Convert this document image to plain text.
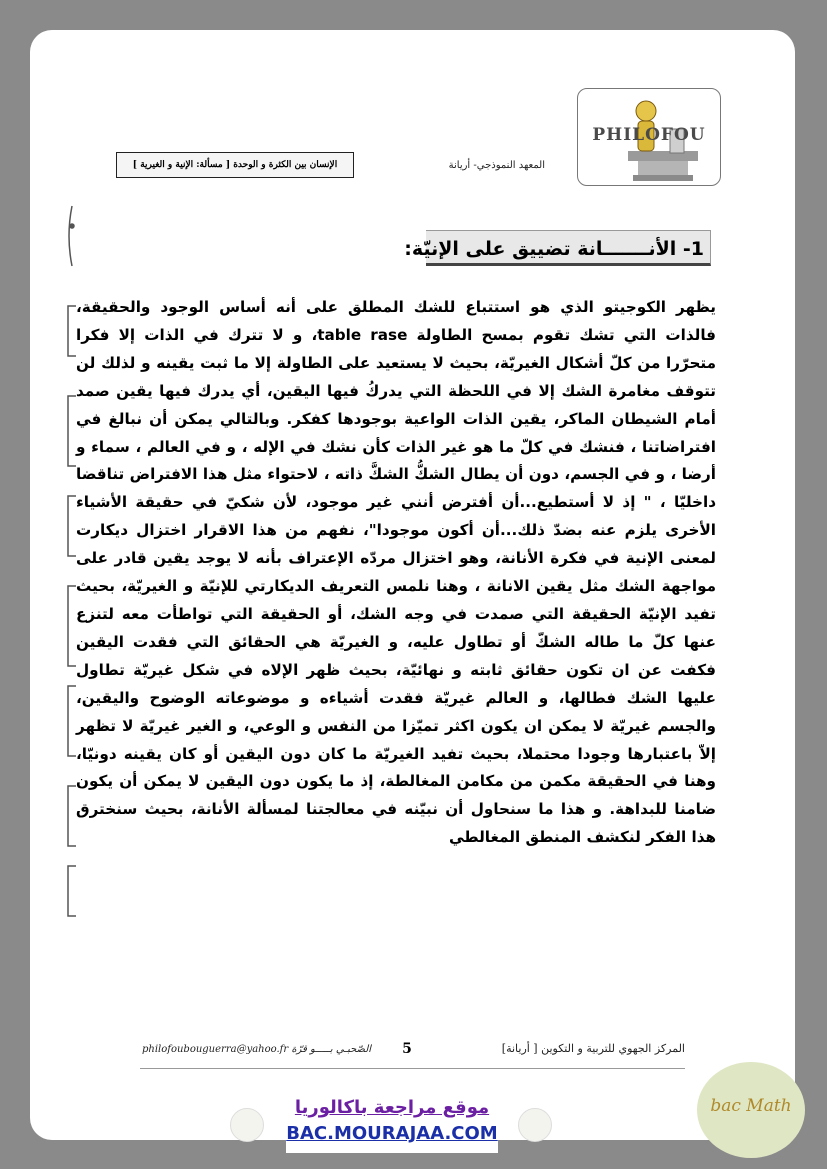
PHILOFOU
المعهد النموذجي- أريانة
الإنسان بين الكثرة و الوحدة [ مسألة: الإنية و الغيرية ]
1- الأنـــــــانة تضييق على الإنيّة:
يظهر الكوجيتو الذي هو استتباع للشك المطلق على أنه أساس الوجود والحقيقة، فالذات التي تشك تقوم بمسح الطاولة table rase، و لا تترك في الذات إلا فكرا متحرّرا من كلّ أشكال الغيريّة، بحيث لا يستعيد على الطاولة إلا ما ثبت يقينه و لذلك لن تتوقف مغامرة الشك إلا في اللحظة التي يدركُ فيها اليقين، أي يدرك فيها يقين صمد أمام الشيطان الماكر، يقين الذات الواعية بوجودها كفكر. وبالتالي يمكن أن نبالغ في افتراضاتنا ، فنشك في كلّ ما هو غير الذات كأن نشك في الإله ، و في العالم ، سماء و أرضا ، و في الجسم، دون أن يطال الشكُّ الشكَّ ذاته ، لاحتواء مثل هذا الافتراض تناقضا داخليّا ، " إذ لا أستطيع...أن أفترض أنني غير موجود، لأن شكيّ في حقيقة الأشياء الأخرى يلزم عنه بضدّ ذلك...أن أكون موجودا"، نفهم من هذا الاقرار اختزال ديكارت لمعنى الإنية في فكرة الأنانة، وهو اختزال مردّه الإعتراف بأنه لا يوجد يقين قادر على مواجهة الشك مثل يقين الانانة ، وهنا نلمس التعريف الديكارتي للإنيّة و الغيريّة، بحيث تفيد الإنيّة الحقيقة التي صمدت في وجه الشك، أو الحقيقة التي تواطأت معه لتنزع عنها كلّ ما طاله الشكّ أو تطاول عليه، و الغيريّة هي الحقائق التي فقدت اليقين فكفت عن ان تكون حقائق ثابته و نهائيّة، بحيث ظهر الإلاه في شكل غيريّة تطاول عليها الشك فطالها، و العالم غيريّة فقدت أشياءه و موضوعاته الوضوح واليقين، والجسم غيريّة لا يمكن ان يكون اكثر تميّزا من النفس و الوعي، و الغير غيريّة لا تظهر إلاّ باعتبارها وجودا محتملا، بحيث تفيد الغيريّة ما كان دون اليقين أو كان يقينه دونيّا، وهنا في الحقيقة مكمن من مكامن المغالطة، إذ ما يكون دون اليقين لا يمكن أن يكون ضامنا للبداهة. و هذا ما سنحاول أن نبيّنه في معالجتنا لمسألة الأنانة، بحيث سنخترق هذا الفكر لنكشف المنطق المغالطي
المركز الجهوي للتربية و التكوين [ أريانة]
5
philofoubouguerra@yahoo.fr الصّحبـي بـــــو قرّة
موقع مراجعة باكالوريا
BAC.MOURAJAA.COM
bac Math
